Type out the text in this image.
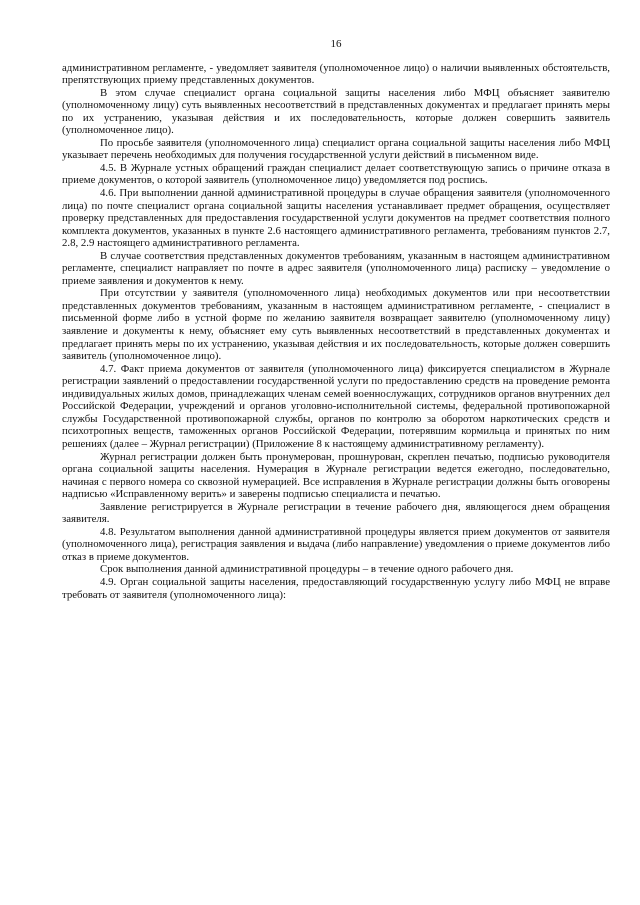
16

административном регламенте, - уведомляет заявителя (уполномоченное лицо) о наличии выявленных обстоятельств, препятствующих приему представленных документов.

В этом случае специалист органа социальной защиты населения либо МФЦ объясняет заявителю (уполномоченному лицу) суть выявленных несоответствий в представленных документах и предлагает принять меры по их устранению, указывая действия и их последовательность, которые должен совершить заявитель (уполномоченное лицо).

По просьбе заявителя (уполномоченного лица) специалист органа социальной защиты населения либо МФЦ указывает перечень необходимых для получения государственной услуги действий в письменном виде.

4.5. В Журнале устных обращений граждан специалист делает соответствующую запись о причине отказа в приеме документов, о которой заявитель (уполномоченное лицо) уведомляется под роспись.

4.6. При выполнении данной административной процедуры в случае обращения заявителя (уполномоченного лица) по почте специалист органа социальной защиты населения устанавливает предмет обращения, осуществляет проверку представленных для предоставления государственной услуги документов на предмет соответствия полного комплекта документов, указанных в пункте 2.6 настоящего административного регламента, требованиям пунктов 2.7, 2.8, 2.9 настоящего административного регламента.

В случае соответствия представленных документов требованиям, указанным в настоящем административном регламенте, специалист направляет по почте в адрес заявителя (уполномоченного лица) расписку – уведомление о приеме заявления и документов к нему.

При отсутствии у заявителя (уполномоченного лица) необходимых документов или при несоответствии представленных документов требованиям, указанным в настоящем административном регламенте, - специалист в письменной форме либо в устной форме по желанию заявителя возвращает заявителю (уполномоченному лицу) заявление и документы к нему, объясняет ему суть выявленных несоответствий в представленных документах и предлагает принять меры по их устранению, указывая действия и их последовательность, которые должен совершить заявитель (уполномоченное лицо).

4.7. Факт приема документов от заявителя (уполномоченного лица) фиксируется специалистом в Журнале регистрации заявлений о предоставлении государственной услуги по предоставлению средств на проведение ремонта индивидуальных жилых домов, принадлежащих членам семей военнослужащих, сотрудников органов внутренних дел Российской Федерации, учреждений и органов уголовно-исполнительной системы, федеральной противопожарной службы Государственной противопожарной службы, органов по контролю за оборотом наркотических средств и психотропных веществ, таможенных органов Российской Федерации, потерявшим кормильца и принятых по ним решениях (далее – Журнал регистрации) (Приложение 8 к настоящему административному регламенту).

Журнал регистрации должен быть пронумерован, прошнурован, скреплен печатью, подписью руководителя органа социальной защиты населения. Нумерация в Журнале регистрации ведется ежегодно, последовательно, начиная с первого номера со сквозной нумерацией. Все исправления в Журнале регистрации должны быть оговорены надписью «Исправленному верить» и заверены подписью специалиста и печатью.

Заявление регистрируется в Журнале регистрации в течение рабочего дня, являющегося днем обращения заявителя.

4.8. Результатом выполнения данной административной процедуры является прием документов от заявителя (уполномоченного лица), регистрация заявления и выдача (либо направление) уведомления о приеме документов либо отказ в приеме документов.

Срок выполнения данной административной процедуры – в течение одного рабочего дня.

4.9. Орган социальной защиты населения, предоставляющий государственную услугу либо МФЦ не вправе требовать от заявителя (уполномоченного лица):
